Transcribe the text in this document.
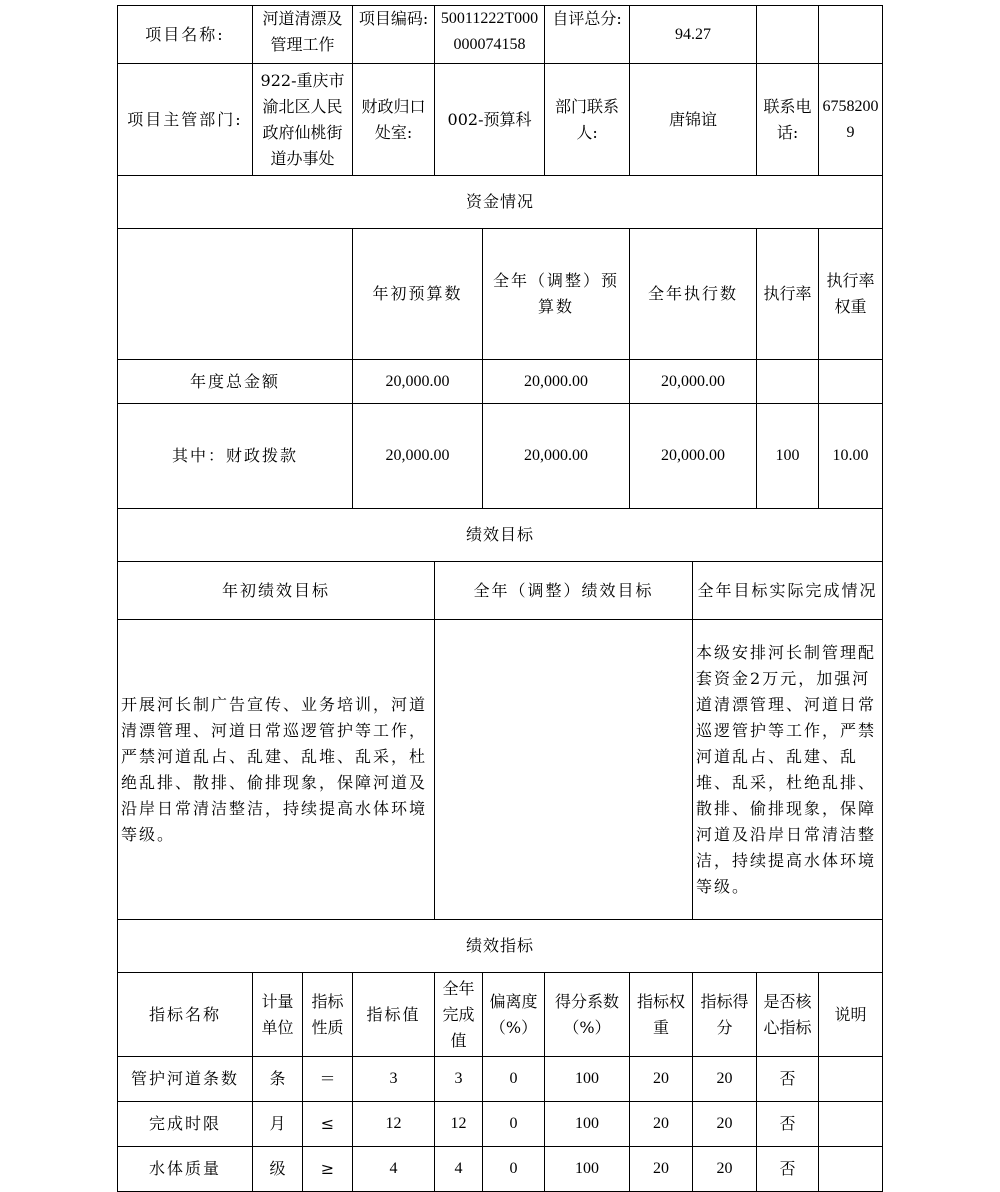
项目名称:	河道清漂及管理工作		项目编码:	50011222T000000074158		自评总分:	94.27				
项目主管部门:	922-重庆市渝北区人民政府仙桃街道办事处		财政归口处室:	002-预算科		部门联系人:	唐锦谊		联系电话:	67582009	
资金情况											
			年初预算数		全年（调整）预算数		全年执行数		执行率	执行率权重	
年度总金额			20,000.00		20,000.00		20,000.00				
其中：财政拨款			20,000.00		20,000.00		20,000.00		100	10.00	
绩效目标											
年初绩效目标				全年（调整）绩效目标				全年目标实际完成情况			
开展河长制广告宣传、业务培训，河道清漂管理、河道日常巡逻管护等工作，严禁河道乱占、乱建、乱堆、乱采，杜绝乱排、散排、偷排现象，保障河道及沿岸日常清洁整洁，持续提高水体环境等级。								本级安排河长制管理配套资金2万元，加强河道清漂管理、河道日常巡逻管护等工作，严禁河道乱占、乱建、乱堆、乱采，杜绝乱排、散排、偷排现象，保障河道及沿岸日常清洁整洁，持续提高水体环境等级。			
绩效指标											
指标名称	计量单位	指标性质	指标值	全年完成值	偏离度（%）	得分系数（%）	指标权重	指标得分	是否核心指标	说明	
管护河道条数	条	＝	3	3	0	100	20	20	否		
完成时限	月	≤	12	12	0	100	20	20	否		
水体质量	级	≥	4	4	0	100	20	20	否		
